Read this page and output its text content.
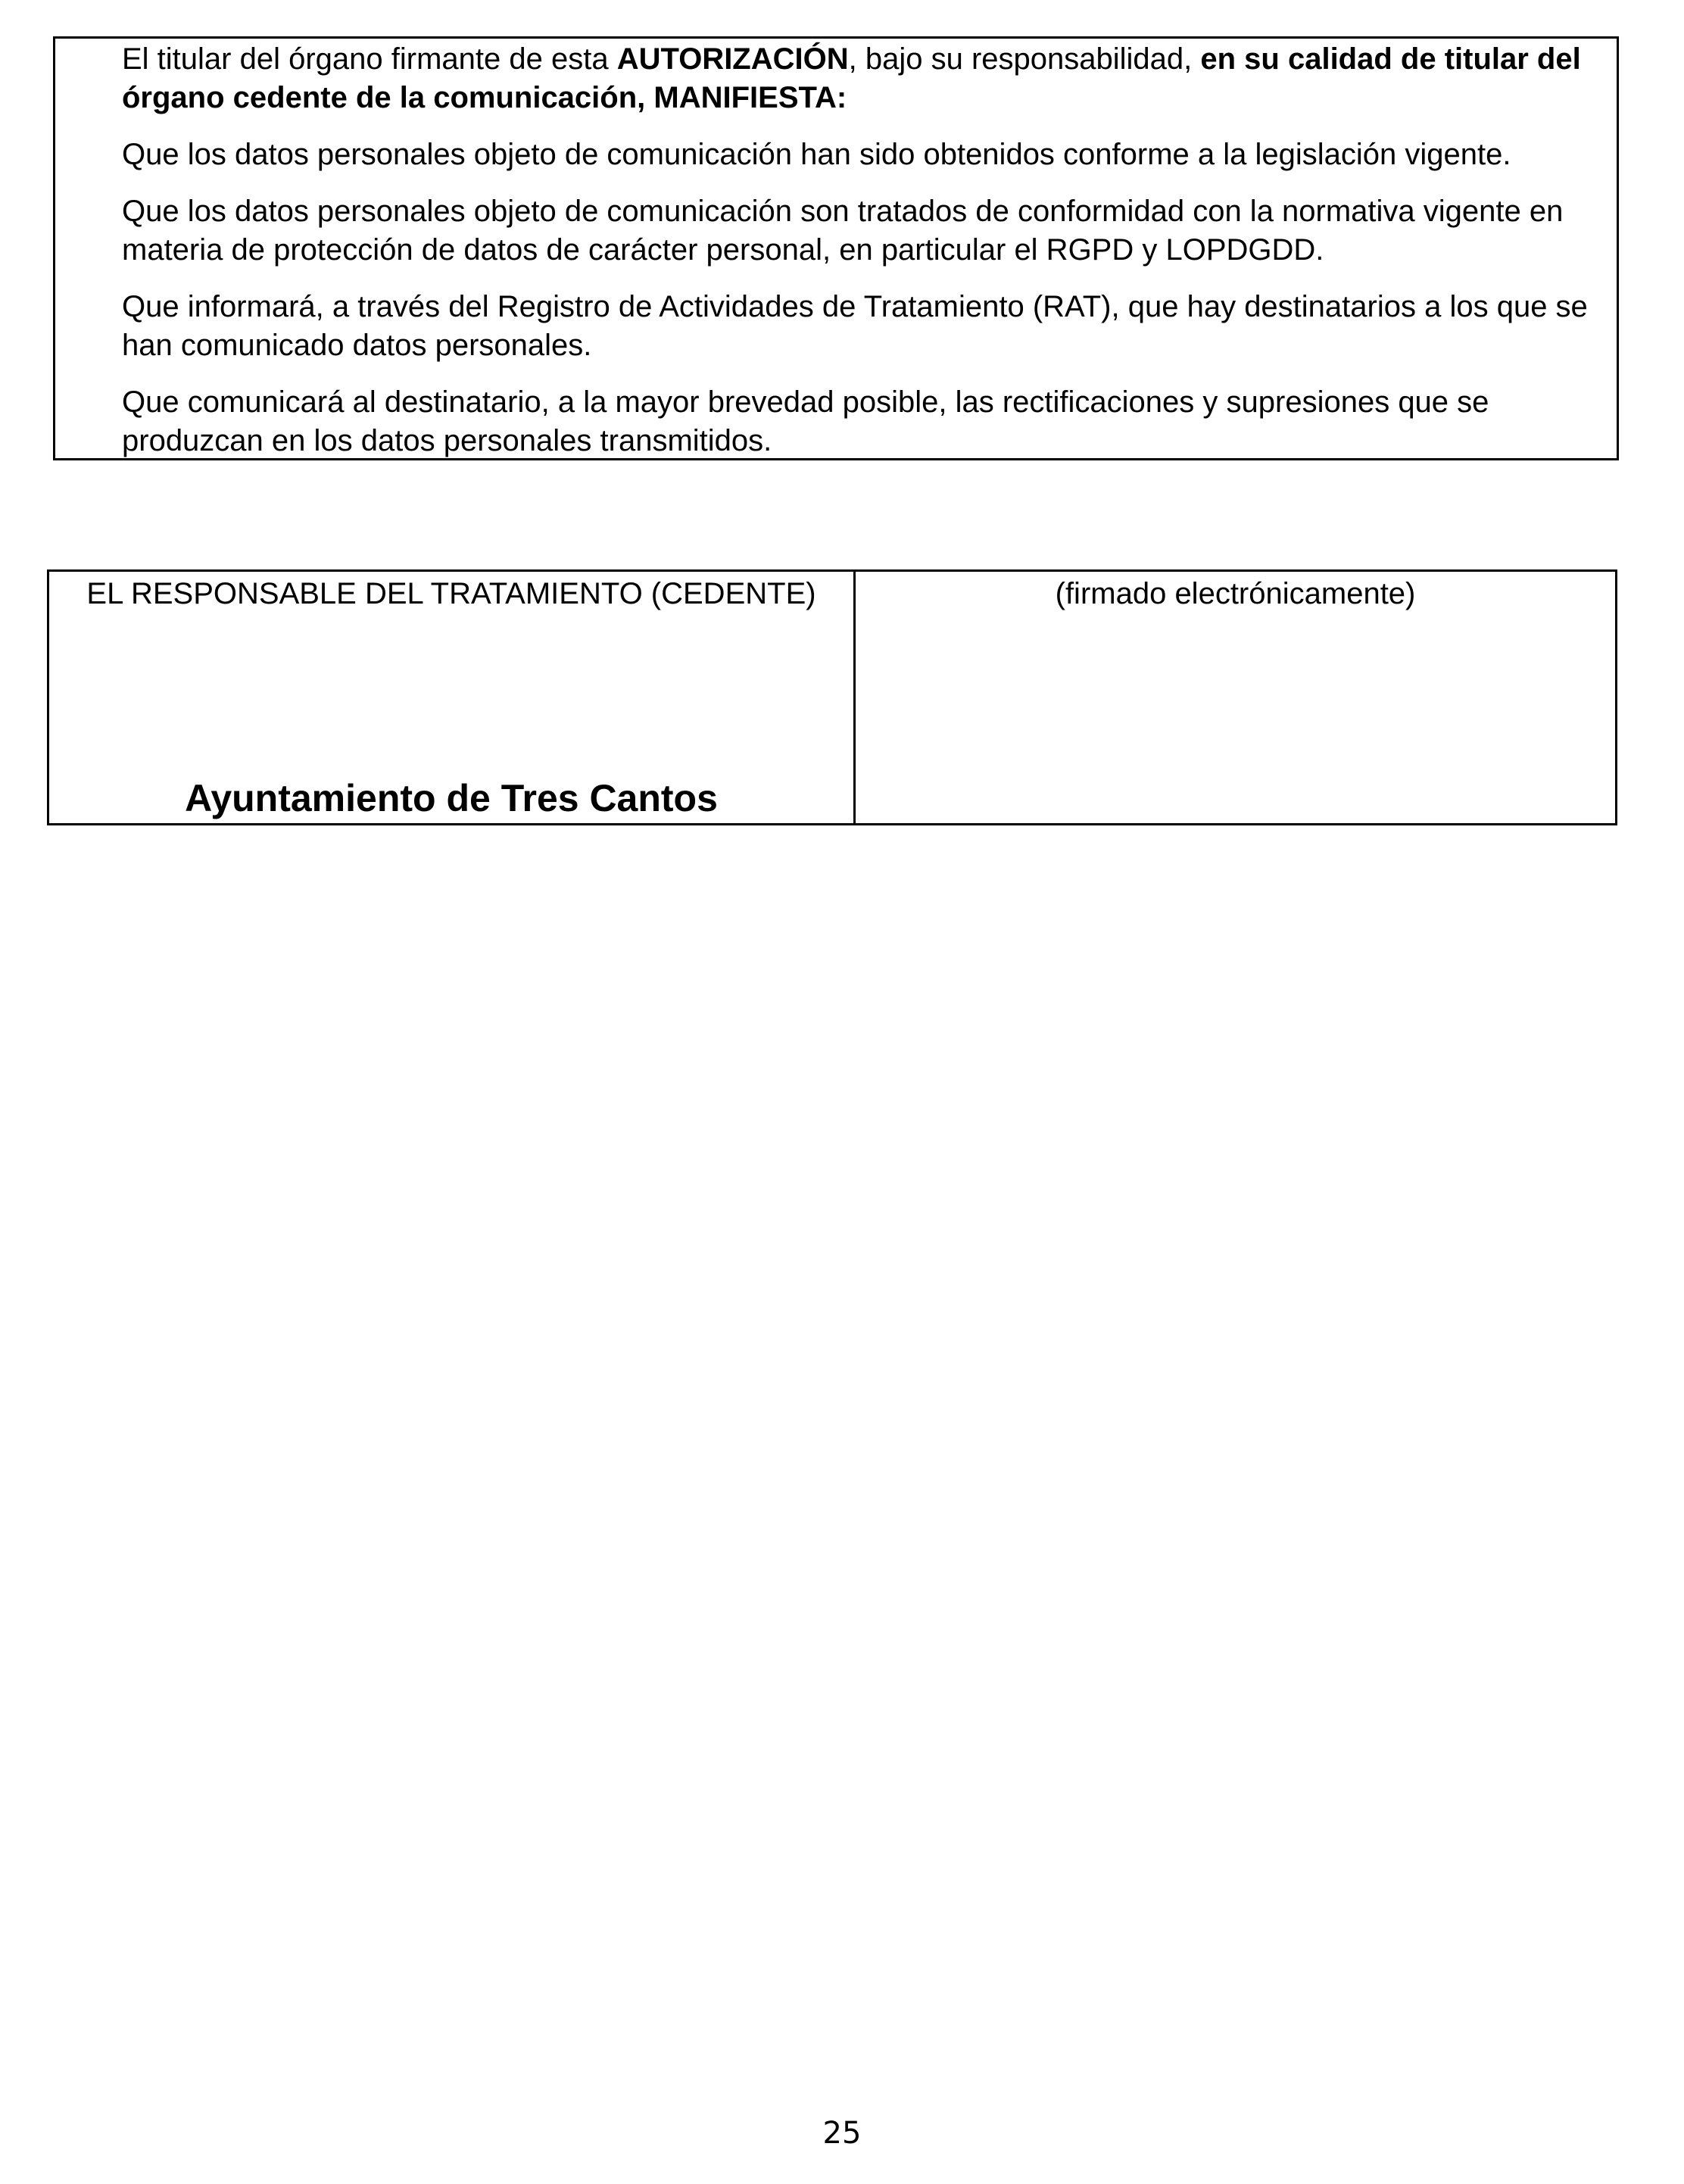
El titular del órgano firmante de esta AUTORIZACIÓN, bajo su responsabilidad, en su calidad de titular del órgano cedente de la comunicación, MANIFIESTA:

Que los datos personales objeto de comunicación han sido obtenidos conforme a la legislación vigente.

Que los datos personales objeto de comunicación son tratados de conformidad con la normativa vigente en materia de protección de datos de carácter personal, en particular el RGPD y LOPDGDD.

Que informará, a través del Registro de Actividades de Tratamiento (RAT), que hay destinatarios a los que se han comunicado datos personales.

Que comunicará al destinatario, a la mayor brevedad posible, las rectificaciones y supresiones que se produzcan en los datos personales transmitidos.

EL RESPONSABLE DEL TRATAMIENTO (CEDENTE)
Ayuntamiento de Tres Cantos
(firmado electrónicamente)
25
